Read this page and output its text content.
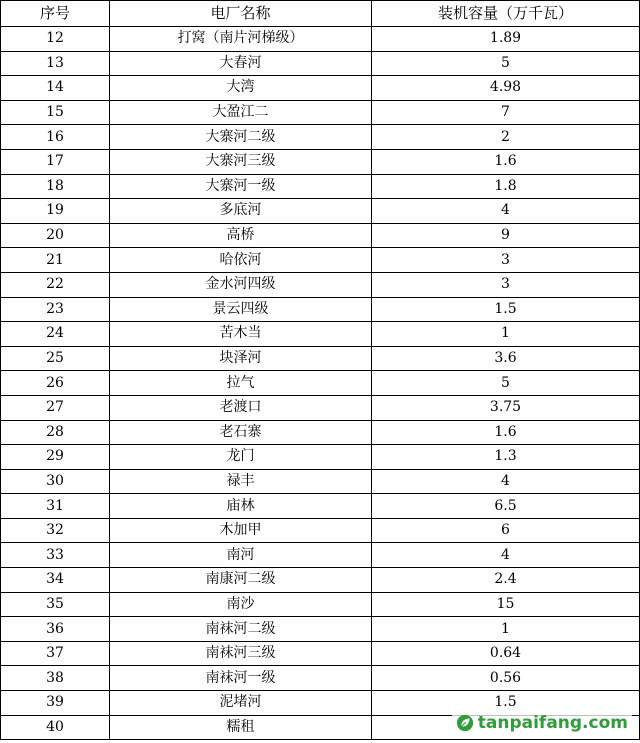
序号	电厂名称	装机容量（万千瓦）
12	打窝（南片河梯级）	1.89
13	大春河	5
14	大湾	4.98
15	大盈江二	7
16	大寨河二级	2
17	大寨河三级	1.6
18	大寨河一级	1.8
19	多底河	4
20	高桥	9
21	哈依河	3
22	金水河四级	3
23	景云四级	1.5
24	苦木当	1
25	块泽河	3.6
26	拉气	5
27	老渡口	3.75
28	老石寨	1.6
29	龙门	1.3
30	禄丰	4
31	庙林	6.5
32	木加甲	6
33	南河	4
34	南康河二级	2.4
35	南沙	15
36	南袜河二级	1
37	南袜河三级	0.64
38	南袜河一级	0.56
39	泥堵河	1.5
40	糯租		tanpaifang.com
